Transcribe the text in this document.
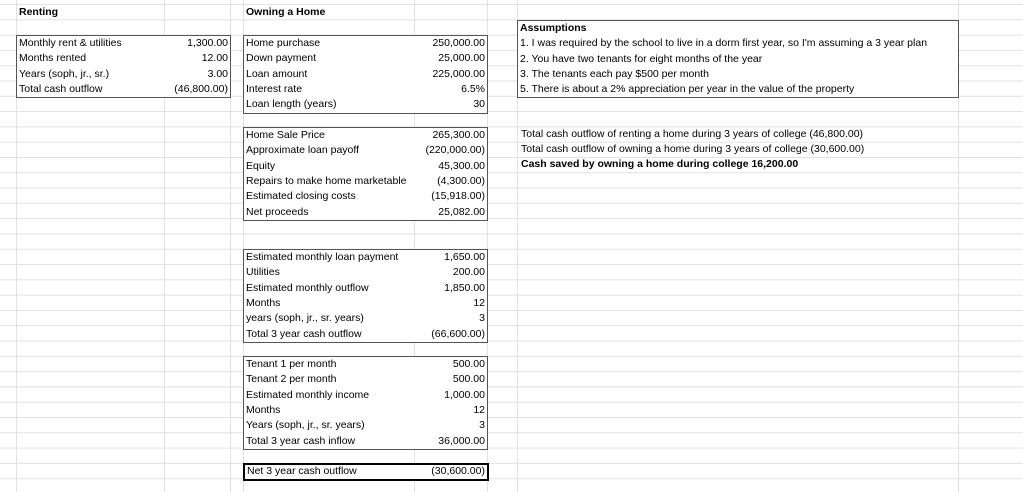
Renting
Monthly rent & utilities	1,300.00
Months rented	12.00
Years (soph, jr., sr.)	3.00
Total cash outflow	(46,800.00)
Owning a Home
Home purchase	250,000.00
Down payment	25,000.00
Loan amount	225,000.00
Interest rate	6.5%
Loan length (years)	30
Home Sale Price	265,300.00
Approximate loan payoff	(220,000.00)
Equity	45,300.00
Repairs to make home marketable	(4,300.00)
Estimated closing costs	(15,918.00)
Net proceeds	25,082.00
Estimated monthly loan payment	1,650.00
Utilities	200.00
Estimated monthly outflow	1,850.00
Months	12
years (soph, jr., sr. years)	3
Total 3 year cash outflow	(66,600.00)
Tenant 1 per month	500.00
Tenant 2 per month	500.00
Estimated monthly income	1,000.00
Months	12
Years (soph, jr., sr. years)	3
Total 3 year cash inflow	36,000.00
Net 3 year cash outflow	(30,600.00)
Assumptions
1. I was required by the school to live in a dorm first year, so I'm assuming a 3 year plan
2. You have two tenants for eight months of the year
3. The tenants each pay $500 per month
5. There is about a 2% appreciation per year in the value of the property
Total cash outflow of renting a home during 3 years of college (46,800.00)
Total cash outflow of owning a home during 3 years of college (30,600.00)
Cash saved by owning a home during college 16,200.00
